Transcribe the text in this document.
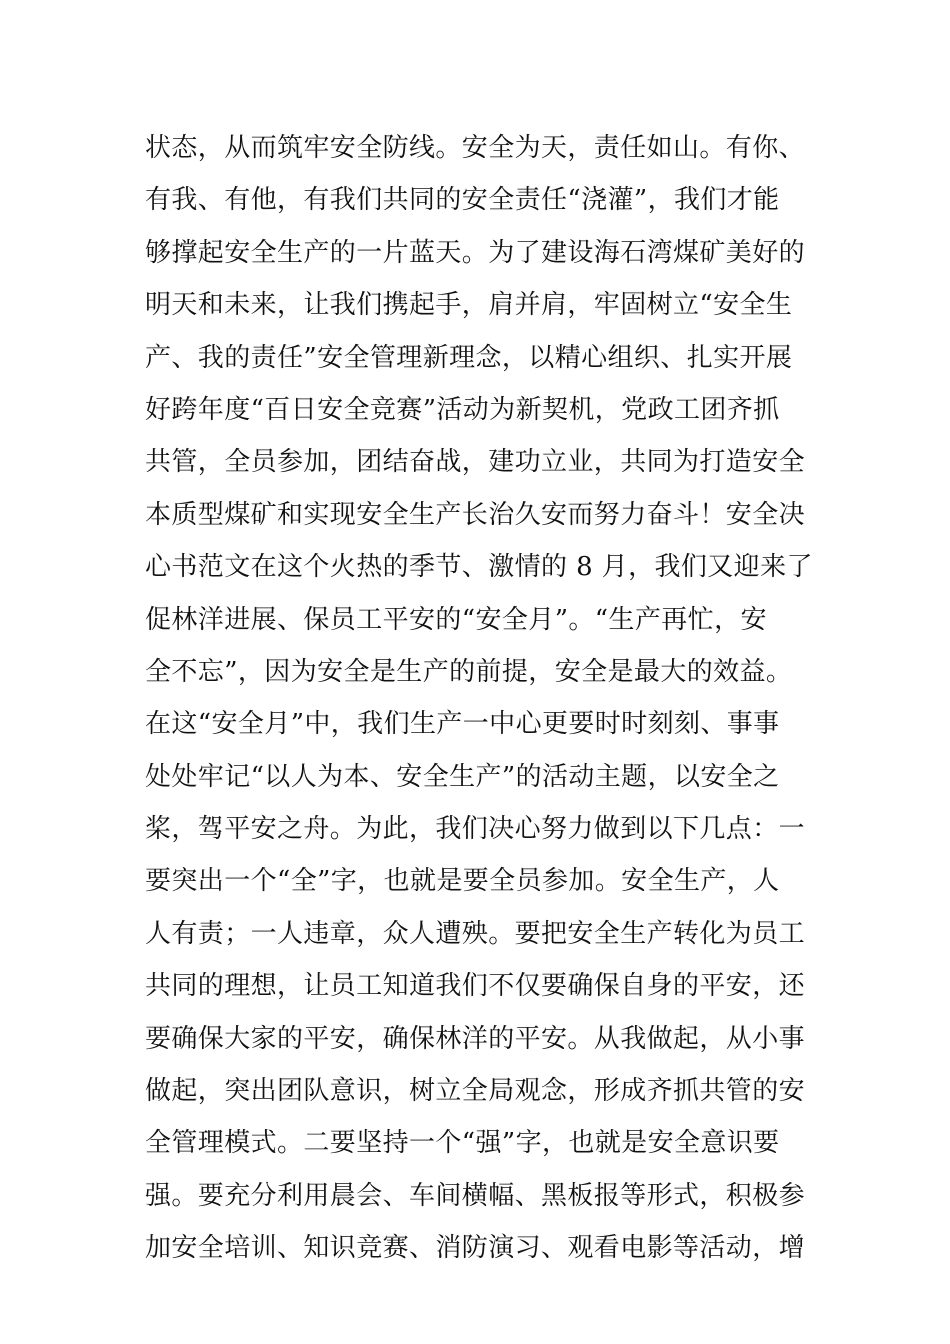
状态，从而筑牢安全防线。安全为天，责任如山。有你、
有我、有他，有我们共同的安全责任“浇灌”，我们才能
够撑起安全生产的一片蓝天。为了建设海石湾煤矿美好的
明天和未来，让我们携起手，肩并肩，牢固树立“安全生
产、我的责任”安全管理新理念，以精心组织、扎实开展
好跨年度“百日安全竞赛”活动为新契机，党政工团齐抓
共管，全员参加，团结奋战，建功立业，共同为打造安全
本质型煤矿和实现安全生产长治久安而努力奋斗！安全决
心书范文在这个火热的季节、激情的 8 月，我们又迎来了
促林洋进展、保员工平安的“安全月”。“生产再忙，安
全不忘”，因为安全是生产的前提，安全是最大的效益。
在这“安全月”中，我们生产一中心更要时时刻刻、事事
处处牢记“以人为本、安全生产”的活动主题，以安全之
桨，驾平安之舟。为此，我们决心努力做到以下几点：一
要突出一个“全”字，也就是要全员参加。安全生产，人
人有责；一人违章，众人遭殃。要把安全生产转化为员工
共同的理想，让员工知道我们不仅要确保自身的平安，还
要确保大家的平安，确保林洋的平安。从我做起，从小事
做起，突出团队意识，树立全局观念，形成齐抓共管的安
全管理模式。二要坚持一个“强”字，也就是安全意识要
强。要充分利用晨会、车间横幅、黑板报等形式，积极参
加安全培训、知识竞赛、消防演习、观看电影等活动，增
